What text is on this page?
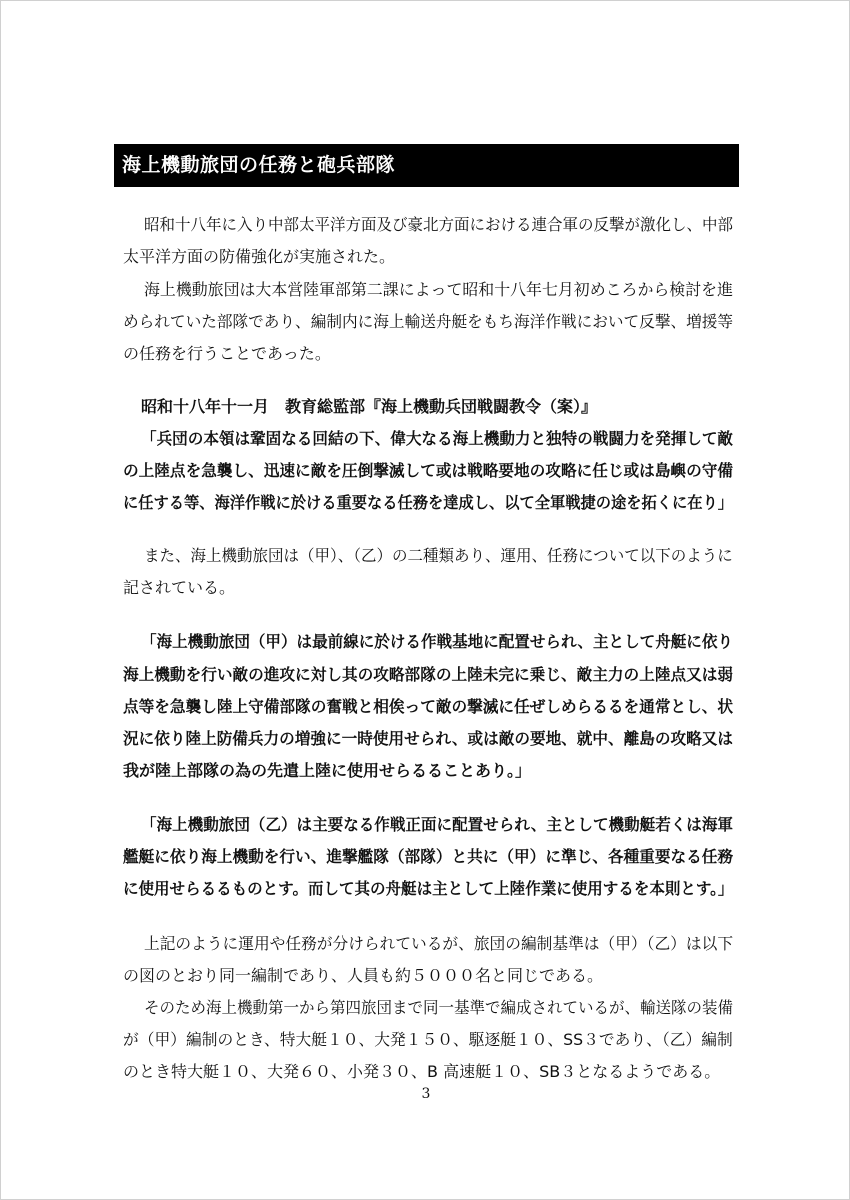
海上機動旅団の任務と砲兵部隊
昭和十八年に入り中部太平洋方面及び豪北方面における連合軍の反撃が激化し、中部
太平洋方面の防備強化が実施された。
海上機動旅団は大本営陸軍部第二課によって昭和十八年七月初めころから検討を進
められていた部隊であり、編制内に海上輸送舟艇をもち海洋作戦において反撃、増援等
の任務を行うことであった。
昭和十八年十一月　教育総監部『海上機動兵団戦闘教令（案）』
「兵団の本領は鞏固なる回結の下、偉大なる海上機動力と独特の戦闘力を発揮して敵
の上陸点を急襲し、迅速に敵を圧倒撃滅して或は戦略要地の攻略に任じ或は島嶼の守備
に任する等、海洋作戦に於ける重要なる任務を達成し、以て全軍戦捷の途を拓くに在り」
また、海上機動旅団は（甲）、（乙）の二種類あり、運用、任務について以下のように
記されている。
「海上機動旅団（甲）は最前線に於ける作戦基地に配置せられ、主として舟艇に依り
海上機動を行い敵の進攻に対し其の攻略部隊の上陸未完に乗じ、敵主力の上陸点又は弱
点等を急襲し陸上守備部隊の奮戦と相俟って敵の撃滅に任ぜしめらるるを通常とし、状
況に依り陸上防備兵力の増強に一時使用せられ、或は敵の要地、就中、離島の攻略又は
我が陸上部隊の為の先遣上陸に使用せらるることあり。」
「海上機動旅団（乙）は主要なる作戦正面に配置せられ、主として機動艇若くは海軍
艦艇に依り海上機動を行い、進撃艦隊（部隊）と共に（甲）に準じ、各種重要なる任務
に使用せらるるものとす。而して其の舟艇は主として上陸作業に使用するを本則とす。」
上記のように運用や任務が分けられているが、旅団の編制基準は（甲）（乙）は以下
の図のとおり同一編制であり、人員も約５０００名と同じである。
そのため海上機動第一から第四旅団まで同一基準で編成されているが、輸送隊の装備
が（甲）編制のとき、特大艇１０、大発１５０、駆逐艇１０、SS３であり、（乙）編制
のとき特大艇１０、大発６０、小発３０、B 高速艇１０、SB３となるようである。
3
